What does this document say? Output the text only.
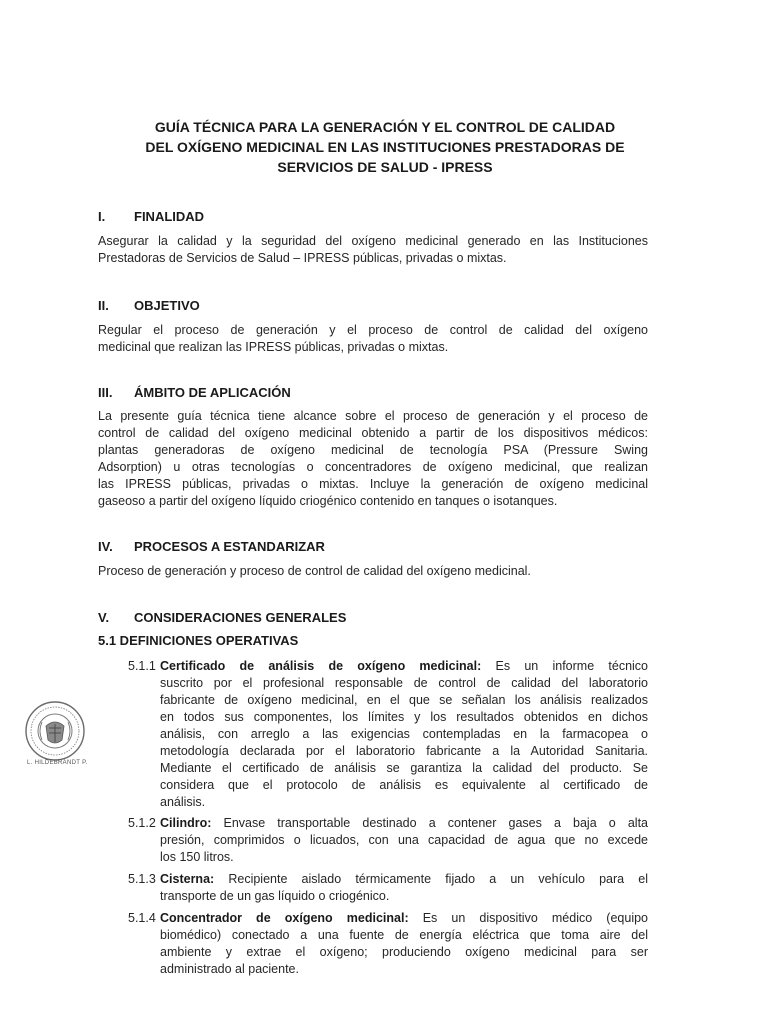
GUÍA TÉCNICA PARA LA GENERACIÓN Y EL CONTROL DE CALIDAD
DEL OXÍGENO MEDICINAL EN LAS INSTITUCIONES PRESTADORAS DE
SERVICIOS DE SALUD - IPRESS
I. FINALIDAD
Asegurar la calidad y la seguridad del oxígeno medicinal generado en las Instituciones
Prestadoras de Servicios de Salud – IPRESS públicas, privadas o mixtas.
II. OBJETIVO
Regular el proceso de generación y el proceso de control de calidad del oxígeno
medicinal que realizan las IPRESS públicas, privadas o mixtas.
III. ÁMBITO DE APLICACIÓN
La presente guía técnica tiene alcance sobre el proceso de generación y el proceso de
control de calidad del oxígeno medicinal obtenido a partir de los dispositivos médicos:
plantas generadoras de oxígeno medicinal de tecnología PSA (Pressure Swing
Adsorption) u otras tecnologías o concentradores de oxígeno medicinal, que realizan
las IPRESS públicas, privadas o mixtas. Incluye la generación de oxígeno medicinal
gaseoso a partir del oxígeno líquido criogénico contenido en tanques o isotanques.
IV. PROCESOS A ESTANDARIZAR
Proceso de generación y proceso de control de calidad del oxígeno medicinal.
V. CONSIDERACIONES GENERALES
5.1 DEFINICIONES OPERATIVAS
5.1.1 Certificado de análisis de oxígeno medicinal: Es un informe técnico
suscrito por el profesional responsable de control de calidad del laboratorio
fabricante de oxígeno medicinal, en el que se señalan los análisis realizados
en todos sus componentes, los límites y los resultados obtenidos en dichos
análisis, con arreglo a las exigencias contempladas en la farmacopea o
metodología declarada por el laboratorio fabricante a la Autoridad Sanitaria.
Mediante el certificado de análisis se garantiza la calidad del producto. Se
considera que el protocolo de análisis es equivalente al certificado de
análisis.
5.1.2 Cilindro: Envase transportable destinado a contener gases a baja o alta
presión, comprimidos o licuados, con una capacidad de agua que no excede
los 150 litros.
5.1.3 Cisterna: Recipiente aislado térmicamente fijado a un vehículo para el
transporte de un gas líquido o criogénico.
5.1.4 Concentrador de oxígeno medicinal: Es un dispositivo médico (equipo
biomédico) conectado a una fuente de energía eléctrica que toma aire del
ambiente y extrae el oxígeno; produciendo oxígeno medicinal para ser
administrado al paciente.
L. HILDEBRANDT P.
